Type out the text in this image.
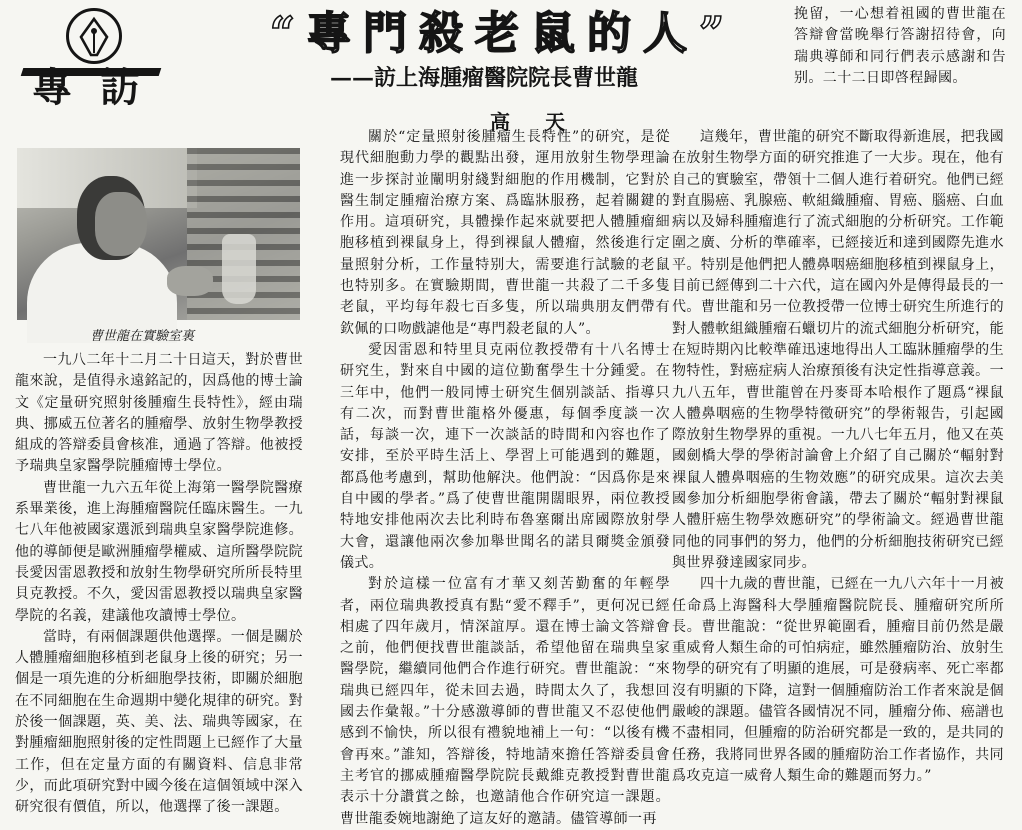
專 訪
“專門殺老鼠的人”
——訪上海腫瘤醫院院長曹世龍
高 天
曹世龍在實驗室裏

一九八二年十二月二十日這天，對於曹世龍來說，是值得永遠銘記的，因爲他的博士論文《定量研究照射後腫瘤生長特性》，經由瑞典、挪威五位著名的腫瘤學、放射生物學教授組成的答辯委員會核准，通過了答辯。他被授予瑞典皇家醫學院腫瘤博士學位。

曹世龍一九六五年從上海第一醫學院醫療系畢業後，進上海腫瘤醫院任臨床醫生。一九七八年他被國家選派到瑞典皇家醫學院進修。他的導師便是歐洲腫瘤學權威、這所醫學院院長愛因雷恩教授和放射生物學研究所所長特里貝克教授。不久，愛因雷恩教授以瑞典皇家醫學院的名義，建議他攻讀博士學位。

當時，有兩個課題供他選擇。一個是關於人體腫瘤細胞移植到老鼠身上後的研究；另一個是一項先進的分析細胞學技術，即關於細胞在不同細胞在生命週期中變化規律的研究。對於後一個課題，英、美、法、瑞典等國家，在對腫瘤細胞照射後的定性問題上已經作了大量工作，但在定量方面的有關資料、信息非常少，而此項研究對中國今後在這個領域中深入研究很有價值，所以，他選擇了後一課題。

關於“定量照射後腫瘤生長特性”的研究，是從現代細胞動力學的觀點出發，運用放射生物學理論進一步探討並闡明射綫對細胞的作用機制，它對於醫生制定腫瘤治療方案、爲臨牀服務，起着關鍵的作用。這項研究，具體操作起來就要把人體腫瘤細胞移植到裸鼠身上，得到裸鼠人體瘤，然後進行定量照射分析，工作量特别大，需要進行試驗的老鼠也特别多。在實驗期間，曹世龍一共殺了二千多隻老鼠，平均每年殺七百多隻，所以瑞典朋友們帶有欽佩的口吻戲謔他是“專門殺老鼠的人”。

愛因雷恩和特里貝克兩位教授帶有十八名博士研究生，對來自中國的這位勤奮學生十分鍾愛。在三年中，他們一般同博士研究生個别談話、指導只有二次，而對曹世龍格外優惠，每個季度談一次話，每談一次，連下一次談話的時間和內容也作了安排，至於平時生活上、學習上可能遇到的難題，都爲他考慮到，幫助他解決。他們說：“因爲你是來自中國的學者。”爲了使曹世龍開闊眼界，兩位教授特地安排他兩次去比利時布魯塞爾出席國際放射學大會，還讓他兩次參加舉世聞名的諾貝爾獎金頒發儀式。

對於這樣一位富有才華又刻苦勤奮的年輕學者，兩位瑞典教授真有點“愛不釋手”，更何况已經相處了四年歲月，情深誼厚。還在博士論文答辯會之前，他們便找曹世龍談話，希望他留在瑞典皇家醫學院，繼續同他們合作進行研究。曹世龍說：“來瑞典已經四年，從未回去過，時間太久了，我想回國去作彙報。”十分感激導師的曹世龍又不忍使他們感到不愉快，所以很有禮貌地補上一句：“以後有機會再來。”誰知，答辯後，特地請來擔任答辯委員會主考官的挪威腫瘤醫學院院長戴維克教授對曹世龍表示十分讚賞之餘，也邀請他合作研究這一課題。曹世龍委婉地謝絶了這友好的邀請。儘管導師一再

挽留，一心想着祖國的曹世龍在答辯會當晚舉行答謝招待會，向瑞典導師和同行們表示感謝和告别。二十二日即啓程歸國。

這幾年，曹世龍的研究不斷取得新進展，把我國在放射生物學方面的研究推進了一大步。現在，他有自己的實驗室，帶領十二個人進行着研究。他們已經對直腸癌、乳腺癌、軟組織腫瘤、胃癌、腦癌、白血病以及婦科腫瘤進行了流式細胞的分析研究。工作範圍之廣、分析的準確率，已經接近和達到國際先進水平。特别是他們把人體鼻咽癌細胞移植到裸鼠身上，目前已經傳到二十六代，這在國內外是傳得最長的一代。曹世龍和另一位教授帶一位博士研究生所進行的對人體軟組織腫瘤石蠟切片的流式細胞分析研究，能在短時期內比較準確迅速地得出人工臨牀腫瘤學的生物特性，對癌症病人治療預後有決定性指導意義。一九八五年，曹世龍曾在丹麥哥本哈根作了題爲“裸鼠人體鼻咽癌的生物學特徵研究”的學術報告，引起國際放射生物學界的重視。一九八七年五月，他又在英國劍橋大學的學術討論會上介紹了自己關於“輻射對裸鼠人體鼻咽癌的生物效應”的研究成果。這次去美國參加分析細胞學術會議，帶去了關於“輻射對裸鼠人體肝癌生物學效應研究”的學術論文。經過曹世龍同他的同事們的努力，他們的分析細胞技術研究已經與世界發達國家同步。

四十九歲的曹世龍，已經在一九八六年十一月被任命爲上海醫科大學腫瘤醫院院長、腫瘤研究所所長。曹世龍說：“從世界範圍看，腫瘤目前仍然是嚴重威脅人類生命的可怕病症，雖然腫瘤防治、放射生物學的研究有了明顯的進展，可是發病率、死亡率都沒有明顯的下降，這對一個腫瘤防治工作者來說是個嚴峻的課題。儘管各國情况不同，腫瘤分佈、癌譜也不盡相同，但腫瘤的防治研究都是一致的，是共同的任務，我將同世界各國的腫瘤防治工作者協作，共同爲攻克這一威脅人類生命的難題而努力。”
